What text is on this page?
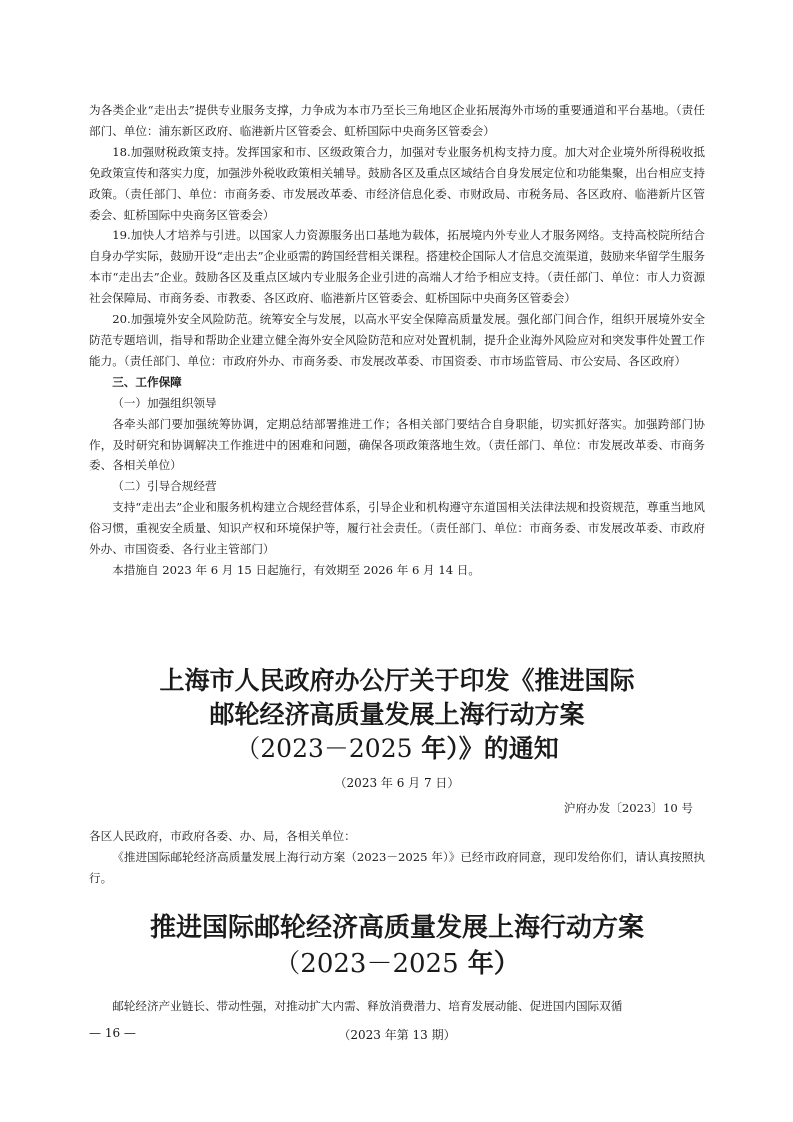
为各类企业“走出去”提供专业服务支撑，力争成为本市乃至长三角地区企业拓展海外市场的重要通道和平台基地。（责任部门、单位：浦东新区政府、临港新片区管委会、虹桥国际中央商务区管委会）

18.加强财税政策支持。发挥国家和市、区级政策合力，加强对专业服务机构支持力度。加大对企业境外所得税收抵免政策宣传和落实力度，加强涉外税收政策相关辅导。鼓励各区及重点区域结合自身发展定位和功能集聚，出台相应支持政策。（责任部门、单位：市商务委、市发展改革委、市经济信息化委、市财政局、市税务局、各区政府、临港新片区管委会、虹桥国际中央商务区管委会）

19.加快人才培养与引进。以国家人力资源服务出口基地为载体，拓展境内外专业人才服务网络。支持高校院所结合自身办学实际，鼓励开设“走出去”企业亟需的跨国经营相关课程。搭建校企国际人才信息交流渠道，鼓励来华留学生服务本市“走出去”企业。鼓励各区及重点区域内专业服务企业引进的高端人才给予相应支持。（责任部门、单位：市人力资源社会保障局、市商务委、市教委、各区政府、临港新片区管委会、虹桥国际中央商务区管委会）

20.加强境外安全风险防范。统筹安全与发展，以高水平安全保障高质量发展。强化部门间合作，组织开展境外安全防范专题培训，指导和帮助企业建立健全海外安全风险防范和应对处置机制，提升企业海外风险应对和突发事件处置工作能力。（责任部门、单位：市政府外办、市商务委、市发展改革委、市国资委、市市场监管局、市公安局、各区政府）

三、工作保障

（一）加强组织领导

各牵头部门要加强统筹协调，定期总结部署推进工作；各相关部门要结合自身职能，切实抓好落实。加强跨部门协作，及时研究和协调解决工作推进中的困难和问题，确保各项政策落地生效。（责任部门、单位：市发展改革委、市商务委、各相关单位）

（二）引导合规经营

支持“走出去”企业和服务机构建立合规经营体系，引导企业和机构遵守东道国相关法律法规和投资规范，尊重当地风俗习惯，重视安全质量、知识产权和环境保护等，履行社会责任。（责任部门、单位：市商务委、市发展改革委、市政府外办、市国资委、各行业主管部门）

本措施自 2023 年 6 月 15 日起施行，有效期至 2026 年 6 月 14 日。

上海市人民政府办公厅关于印发《推进国际
邮轮经济高质量发展上海行动方案
（2023－2025 年）》的通知
（2023 年 6 月 7 日）
沪府办发〔2023〕10 号

各区人民政府，市政府各委、办、局，各相关单位：

《推进国际邮轮经济高质量发展上海行动方案（2023－2025 年）》已经市政府同意，现印发给你们，请认真按照执行。

推进国际邮轮经济高质量发展上海行动方案
（2023－2025 年）

邮轮经济产业链长、带动性强，对推动扩大内需、释放消费潜力、培育发展动能、促进国内国际双循

— 16 —	（2023 年第 13 期）
